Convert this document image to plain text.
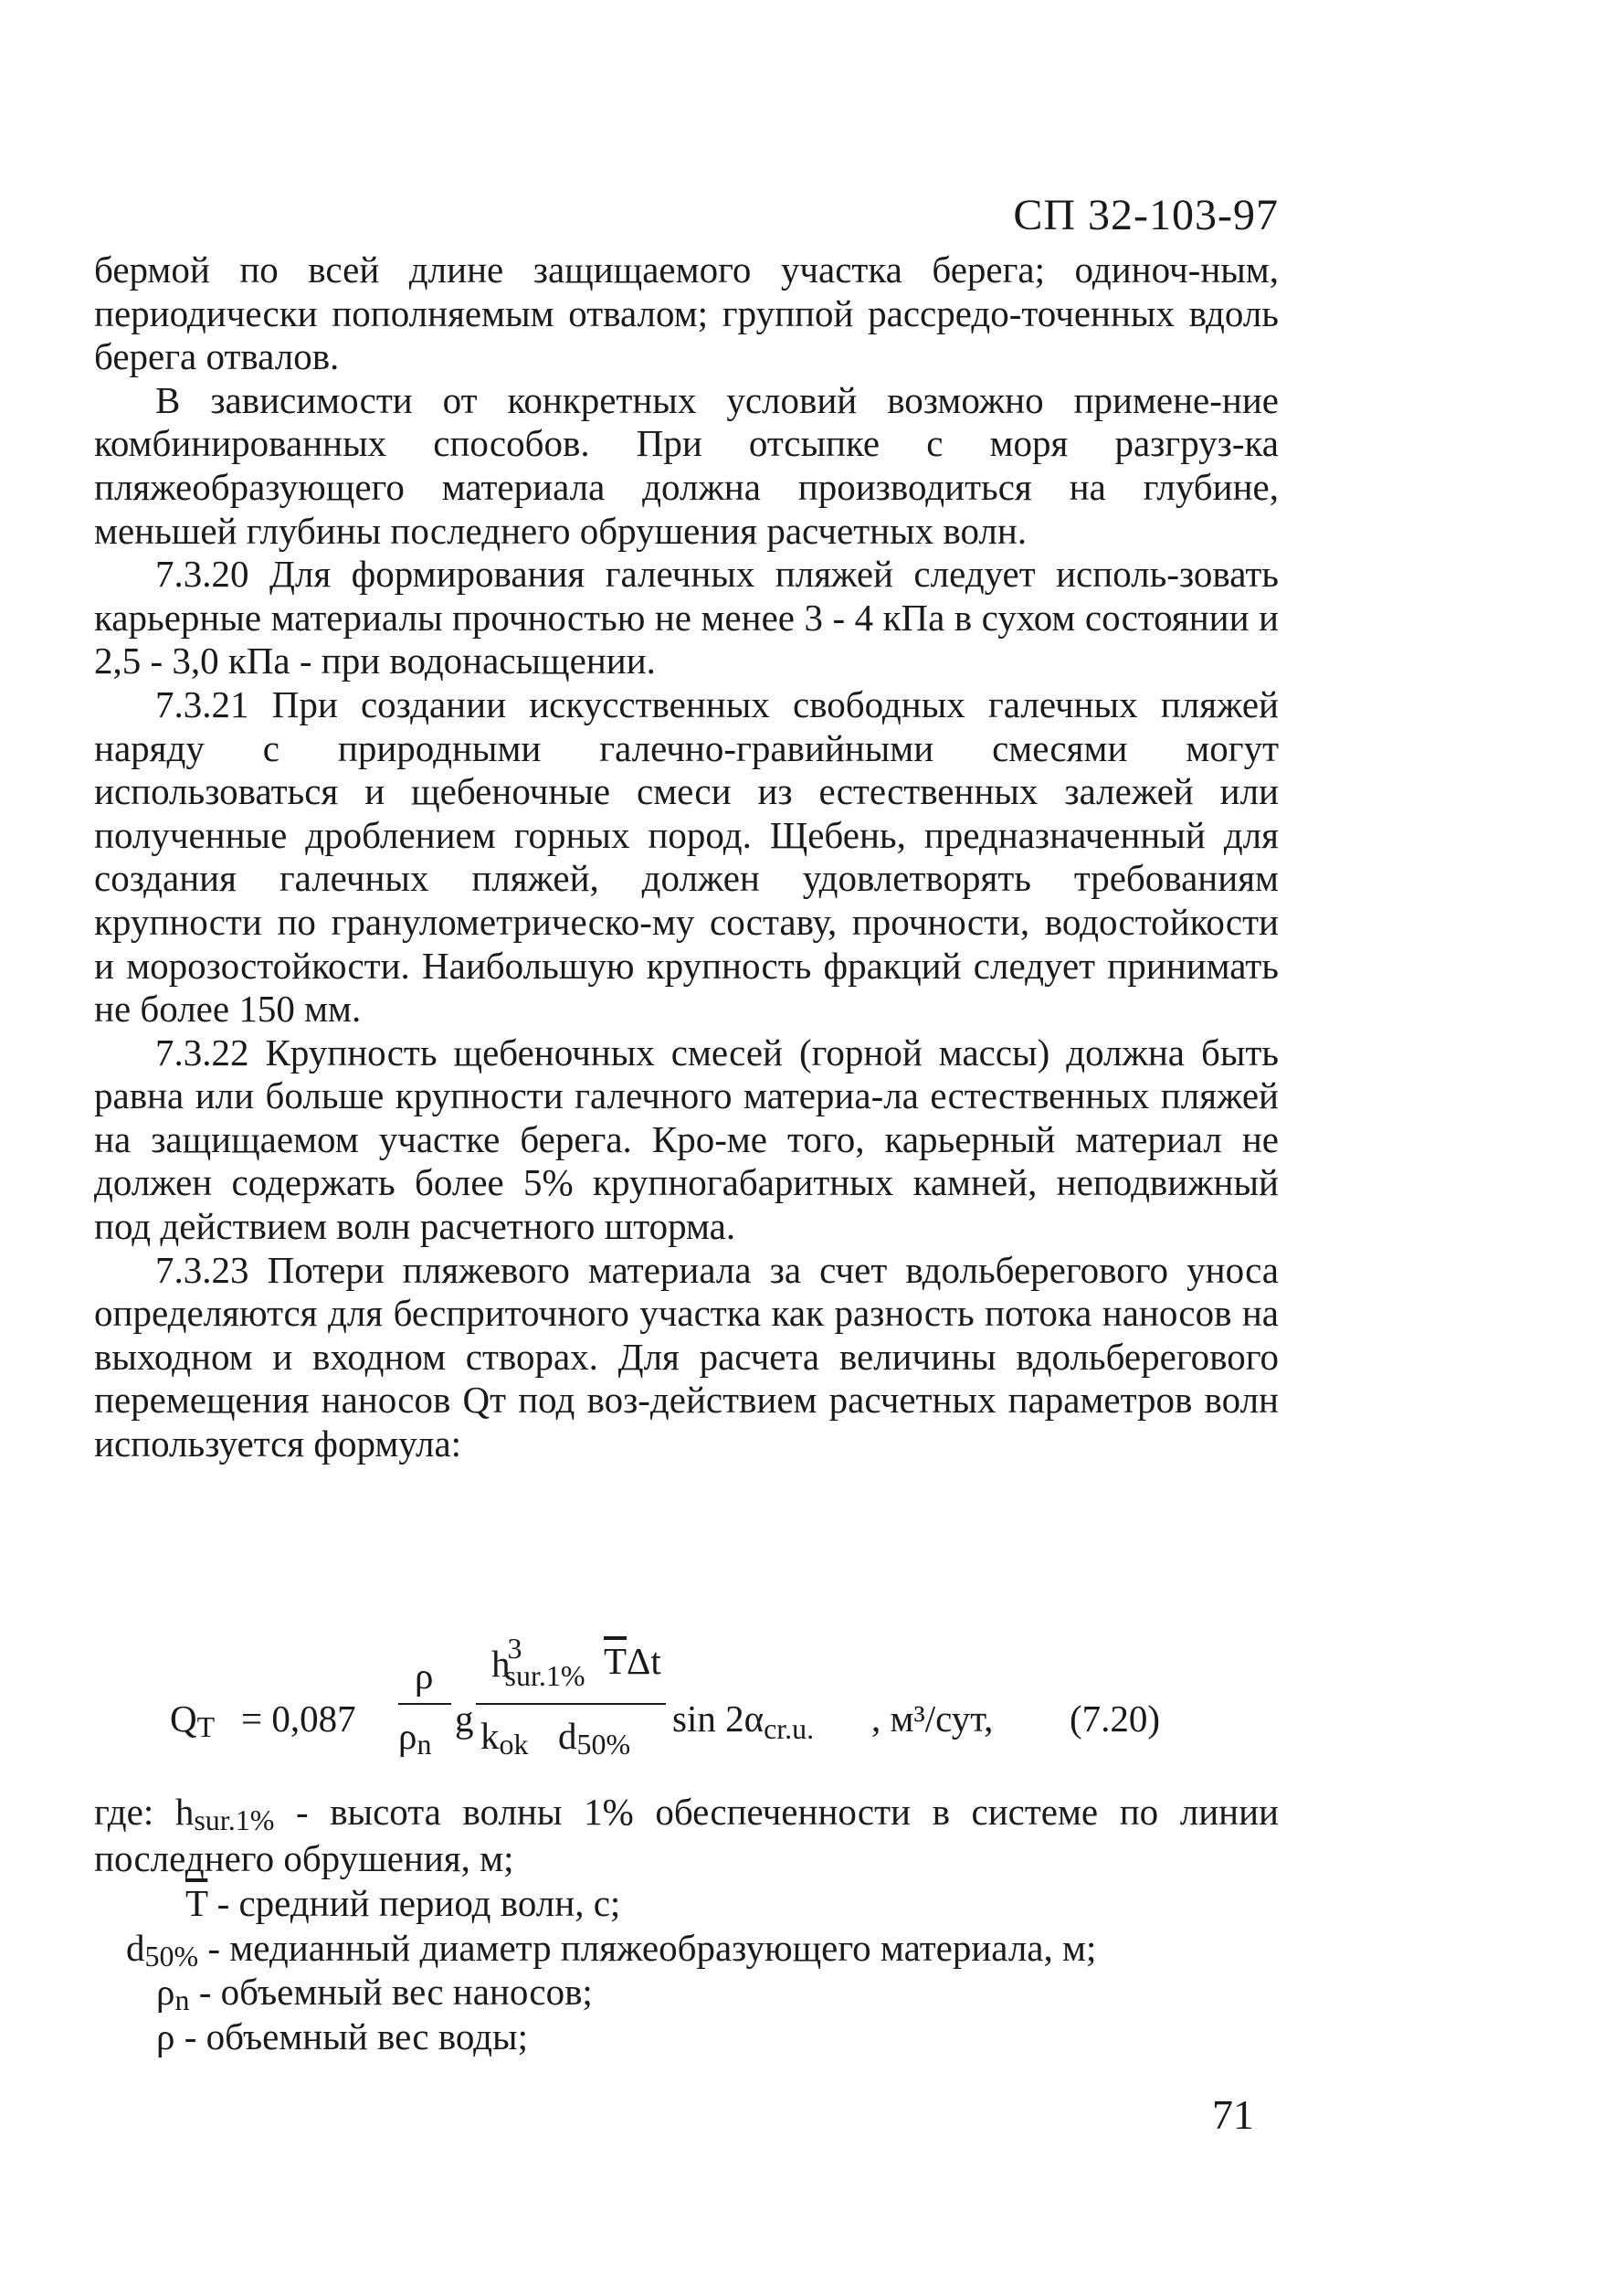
СП 32-103-97

бермой по всей длине защищаемого участка берега; одиноч-ным, периодически пополняемым отвалом; группой рассредо-точенных вдоль берега отвалов.

В зависимости от конкретных условий возможно примене-ние комбинированных способов. При отсыпке с моря разгруз-ка пляжеобразующего материала должна производиться на глубине, меньшей глубины последнего обрушения расчетных волн.

7.3.20 Для формирования галечных пляжей следует исполь-зовать карьерные материалы прочностью не менее 3 - 4 кПа в сухом состоянии и 2,5 - 3,0 кПа - при водонасыщении.

7.3.21 При создании искусственных свободных галечных пляжей наряду с природными галечно-гравийными смесями могут использоваться и щебеночные смеси из естественных залежей или полученные дроблением горных пород. Щебень, предназначенный для создания галечных пляжей, должен удовлетворять требованиям крупности по гранулометрическо-му составу, прочности, водостойкости и морозостойкости. Наибольшую крупность фракций следует принимать не более 150 мм.

7.3.22 Крупность щебеночных смесей (горной массы) должна быть равна или больше крупности галечного материа-ла естественных пляжей на защищаемом участке берега. Кро-ме того, карьерный материал не должен содержать более 5% крупногабаритных камней, неподвижный под действием волн расчетного шторма.

7.3.23 Потери пляжевого материала за счет вдольберегового уноса определяются для бесприточного участка как разность потока наносов на выходном и входном створах. Для расчета величины вдольберегового перемещения наносов Qт под воз-действием расчетных параметров волн используется формула:

QT = 0,087
ρ
ρn
g
$h^3_{sur.1\%}$ $\overline{T}\Delta t$
kok d50%
sin 2αcr.u. , м³/сут, (7.20)

где: hsur.1% - высота волны 1% обеспеченности в системе по линии последнего обрушения, м;

$\overline{T}$ - средний период волн, с;
d50% - медианный диаметр пляжеобразующего материала, м;
ρn - объемный вес наносов;
ρ - объемный вес воды;
71
